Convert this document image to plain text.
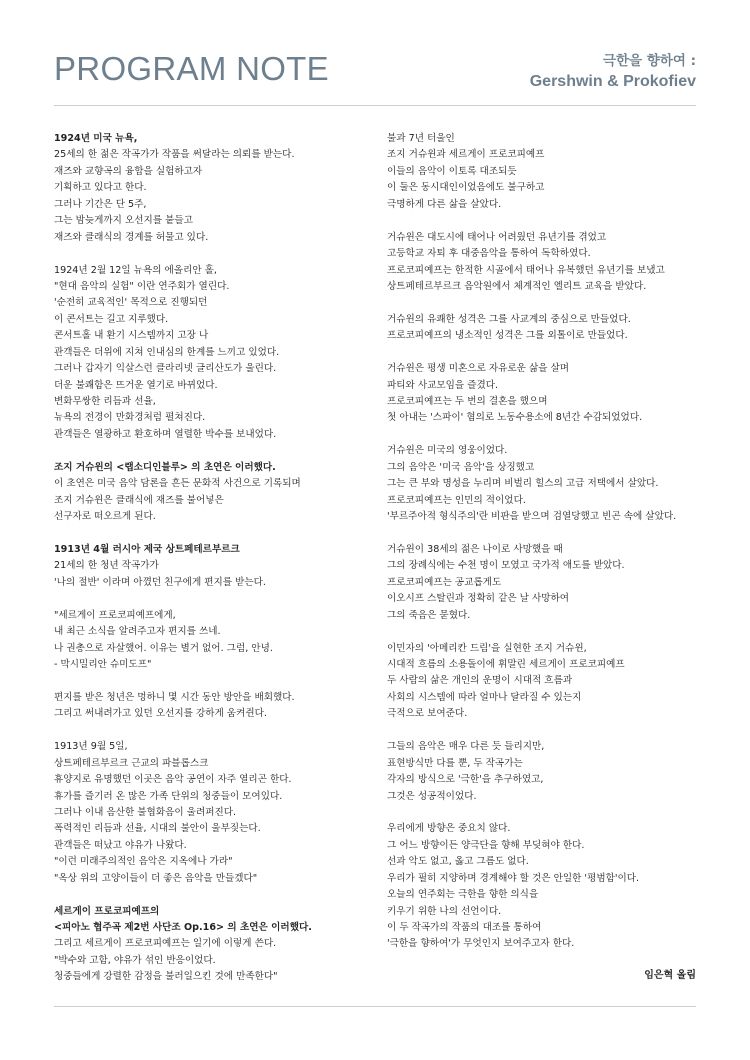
PROGRAM NOTE	극한을 향하여 :
Gershwin & Prokofiev
1924년 미국 뉴욕,
25세의 한 젊은 작곡가가 작품을 써달라는 의뢰를 받는다.
재즈와 교향곡의 융합을 실험하고자
기획하고 있다고 한다.
그러나 기간은 단 5주,
그는 밤늦게까지 오선지를 붙들고
재즈와 클래식의 경계를 허물고 있다.
1924년 2월 12일 뉴욕의 에올리안 홀,
"현대 음악의 실험" 이란 연주회가 열린다.
'순전히 교육적인' 목적으로 진행되던
이 콘서트는 길고 지루했다.
콘서트홀 내 환기 시스템까지 고장 나
관객들은 더위에 지쳐 인내심의 한계를 느끼고 있었다.
그러나 갑자기 익살스런 클라리넷 글리산도가 울린다.
더운 불쾌함은 뜨거운 열기로 바뀌었다.
변화무쌍한 리듬과 선율,
뉴욕의 전경이 만화경처럼 펼쳐진다.
관객들은 열광하고 환호하며 열렬한 박수를 보내었다.
조지 거슈윈의 <랩소디인블루> 의 초연은 이러했다.
이 초연은 미국 음악 담론을 흔든 문화적 사건으로 기록되며
조지 거슈윈은 클래식에 재즈를 불어넣은
선구자로 떠오르게 된다.
1913년 4월 러시아 제국 상트페테르부르크
21세의 한 청년 작곡가가
'나의 절반' 이라며 아꼈던 친구에게 편지를 받는다.
"세르게이 프로코피예프에게,
내 최근 소식을 알려주고자 편지를 쓰네.
나 권총으로 자살했어. 이유는 별거 없어. 그럼, 안녕.
- 막시밀리안 슈미도프"
편지를 받은 청년은 멍하니 몇 시간 동안 방안을 배회했다.
그리고 써내려가고 있던 오선지를 강하게 움켜쥔다.
1913년 9월 5일,
상트페테르부르크 근교의 파블롭스크
휴양지로 유명했던 이곳은 음악 공연이 자주 열리곤 한다.
휴가를 즐기러 온 많은 가족 단위의 청중들이 모여있다.
그러나 이내 음산한 불협화음이 울려퍼진다.
폭력적인 리듬과 선율, 시대의 불안이 울부짖는다.
관객들은 떠났고 야유가 나왔다.
"이런 미래주의적인 음악은 지옥에나 가라"
"옥상 위의 고양이들이 더 좋은 음악을 만들겠다"
세르게이 프로코피예프의
<피아노 협주곡 제2번 사단조 Op.16> 의 초연은 이러했다.
그리고 세르게이 프로코피예프는 일기에 이렇게 쓴다.
"박수와 고함, 야유가 섞인 반응이었다.
청중들에게 강렬한 감정을 불러일으킨 것에 만족한다"
불과 7년 터울인
조지 거슈윈과 세르게이 프로코피예프
이들의 음악이 이토록 대조되듯
이 둘은 동시대인이었음에도 불구하고
극명하게 다른 삶을 살았다.
거슈윈은 대도시에 태어나 어려웠던 유년기를 겪었고
고등학교 자퇴 후 대중음악을 통하여 독학하였다.
프로코피예프는 한적한 시골에서 태어나 유복했던 유년기를 보냈고
상트페테르부르크 음악원에서 체계적인 엘리트 교육을 받았다.
거슈윈의 유쾌한 성격은 그를 사교계의 중심으로 만들었다.
프로코피예프의 냉소적인 성격은 그를 외톨이로 만들었다.
거슈윈은 평생 미혼으로 자유로운 삶을 살며
파티와 사교모임을 즐겼다.
프로코피예프는 두 번의 결혼을 했으며
첫 아내는 '스파이' 혐의로 노동수용소에 8년간 수감되었었다.
거슈윈은 미국의 영웅이었다.
그의 음악은 '미국 음악'을 상징했고
그는 큰 부와 명성을 누리며 비벌리 힐스의 고급 저택에서 살았다.
프로코피예프는 인민의 적이었다.
'부르주아적 형식주의'란 비판을 받으며 검열당했고 빈곤 속에 살았다.
거슈윈이 38세의 젊은 나이로 사망했을 때
그의 장례식에는 수천 명이 모였고 국가적 애도를 받았다.
프로코피예프는 공교롭게도
이오시프 스탈린과 정확히 같은 날 사망하여
그의 죽음은 묻혔다.
이민자의 '아메리칸 드림'을 실현한 조지 거슈윈,
시대적 흐름의 소용돌이에 휘말린 세르게이 프로코피예프
두 사람의 삶은 개인의 운명이 시대적 흐름과
사회의 시스템에 따라 얼마나 달라질 수 있는지
극적으로 보여준다.
그들의 음악은 매우 다른 듯 들리지만,
표현방식만 다를 뿐, 두 작곡가는
각자의 방식으로 '극한'을 추구하였고,
그것은 성공적이었다.
우리에게 방향은 중요치 않다.
그 어느 방향이든 양극단을 향해 부딪혀야 한다.
선과 악도 없고, 옳고 그름도 없다.
우리가 필히 지양하며 경계해야 할 것은 안일한 '평범함'이다.
오늘의 연주회는 극한을 향한 의식을
키우기 위한 나의 선언이다.
이 두 작곡가의 작품의 대조를 통하여
'극한을 향하여'가 무엇인지 보여주고자 한다.
임은혁 올림
